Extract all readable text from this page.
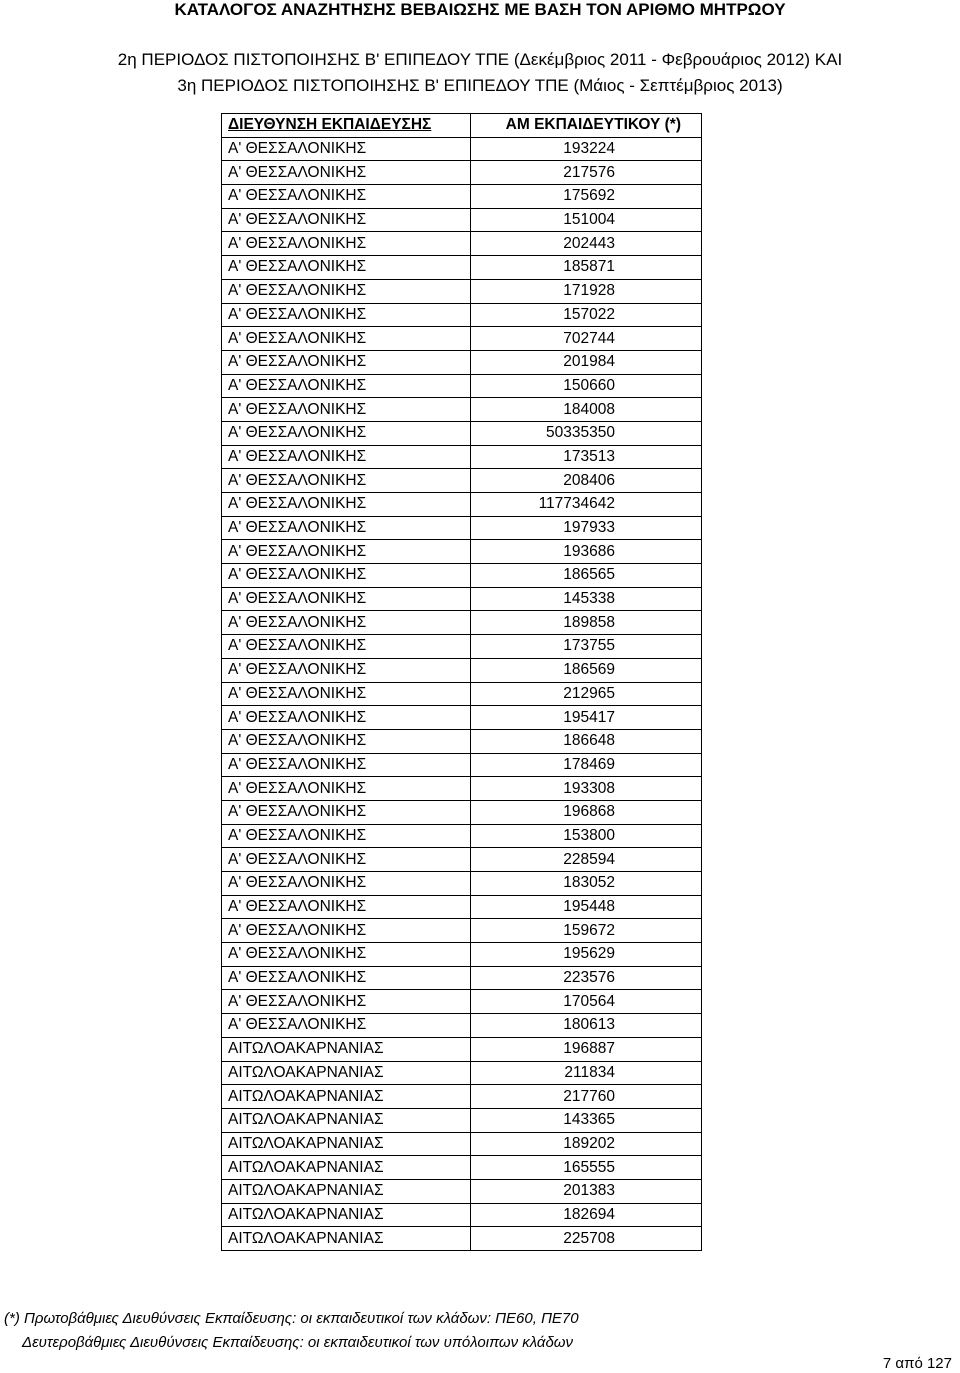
ΚΑΤΑΛΟΓΟΣ ΑΝΑΖΗΤΗΣΗΣ ΒΕΒΑΙΩΣΗΣ ΜΕ ΒΑΣΗ ΤΟΝ ΑΡΙΘΜΟ ΜΗΤΡΩΟΥ
2η ΠΕΡΙΟΔΟΣ ΠΙΣΤΟΠΟΙΗΣΗΣ Β' ΕΠΙΠΕΔΟΥ ΤΠΕ (Δεκέμβριος 2011 - Φεβρουάριος 2012) ΚΑΙ
3η ΠΕΡΙΟΔΟΣ ΠΙΣΤΟΠΟΙΗΣΗΣ Β' ΕΠΙΠΕΔΟΥ ΤΠΕ (Μάιος - Σεπτέμβριος 2013)
ΔΙΕΥΘΥΝΣΗ ΕΚΠΑΙΔΕΥΣΗΣ	ΑΜ ΕΚΠΑΙΔΕΥΤΙΚΟΥ (*)
Α' ΘΕΣΣΑΛΟΝΙΚΗΣ	193224
Α' ΘΕΣΣΑΛΟΝΙΚΗΣ	217576
Α' ΘΕΣΣΑΛΟΝΙΚΗΣ	175692
Α' ΘΕΣΣΑΛΟΝΙΚΗΣ	151004
Α' ΘΕΣΣΑΛΟΝΙΚΗΣ	202443
Α' ΘΕΣΣΑΛΟΝΙΚΗΣ	185871
Α' ΘΕΣΣΑΛΟΝΙΚΗΣ	171928
Α' ΘΕΣΣΑΛΟΝΙΚΗΣ	157022
Α' ΘΕΣΣΑΛΟΝΙΚΗΣ	702744
Α' ΘΕΣΣΑΛΟΝΙΚΗΣ	201984
Α' ΘΕΣΣΑΛΟΝΙΚΗΣ	150660
Α' ΘΕΣΣΑΛΟΝΙΚΗΣ	184008
Α' ΘΕΣΣΑΛΟΝΙΚΗΣ	50335350
Α' ΘΕΣΣΑΛΟΝΙΚΗΣ	173513
Α' ΘΕΣΣΑΛΟΝΙΚΗΣ	208406
Α' ΘΕΣΣΑΛΟΝΙΚΗΣ	117734642
Α' ΘΕΣΣΑΛΟΝΙΚΗΣ	197933
Α' ΘΕΣΣΑΛΟΝΙΚΗΣ	193686
Α' ΘΕΣΣΑΛΟΝΙΚΗΣ	186565
Α' ΘΕΣΣΑΛΟΝΙΚΗΣ	145338
Α' ΘΕΣΣΑΛΟΝΙΚΗΣ	189858
Α' ΘΕΣΣΑΛΟΝΙΚΗΣ	173755
Α' ΘΕΣΣΑΛΟΝΙΚΗΣ	186569
Α' ΘΕΣΣΑΛΟΝΙΚΗΣ	212965
Α' ΘΕΣΣΑΛΟΝΙΚΗΣ	195417
Α' ΘΕΣΣΑΛΟΝΙΚΗΣ	186648
Α' ΘΕΣΣΑΛΟΝΙΚΗΣ	178469
Α' ΘΕΣΣΑΛΟΝΙΚΗΣ	193308
Α' ΘΕΣΣΑΛΟΝΙΚΗΣ	196868
Α' ΘΕΣΣΑΛΟΝΙΚΗΣ	153800
Α' ΘΕΣΣΑΛΟΝΙΚΗΣ	228594
Α' ΘΕΣΣΑΛΟΝΙΚΗΣ	183052
Α' ΘΕΣΣΑΛΟΝΙΚΗΣ	195448
Α' ΘΕΣΣΑΛΟΝΙΚΗΣ	159672
Α' ΘΕΣΣΑΛΟΝΙΚΗΣ	195629
Α' ΘΕΣΣΑΛΟΝΙΚΗΣ	223576
Α' ΘΕΣΣΑΛΟΝΙΚΗΣ	170564
Α' ΘΕΣΣΑΛΟΝΙΚΗΣ	180613
ΑΙΤΩΛΟΑΚΑΡΝΑΝΙΑΣ	196887
ΑΙΤΩΛΟΑΚΑΡΝΑΝΙΑΣ	211834
ΑΙΤΩΛΟΑΚΑΡΝΑΝΙΑΣ	217760
ΑΙΤΩΛΟΑΚΑΡΝΑΝΙΑΣ	143365
ΑΙΤΩΛΟΑΚΑΡΝΑΝΙΑΣ	189202
ΑΙΤΩΛΟΑΚΑΡΝΑΝΙΑΣ	165555
ΑΙΤΩΛΟΑΚΑΡΝΑΝΙΑΣ	201383
ΑΙΤΩΛΟΑΚΑΡΝΑΝΙΑΣ	182694
ΑΙΤΩΛΟΑΚΑΡΝΑΝΙΑΣ	225708
(*) Πρωτοβάθμιες Διευθύνσεις Εκπαίδευσης: οι εκπαιδευτικοί των κλάδων: ΠΕ60, ΠΕ70
Δευτεροβάθμιες Διευθύνσεις Εκπαίδευσης: οι εκπαιδευτικοί των υπόλοιπων κλάδων
7 από 127
